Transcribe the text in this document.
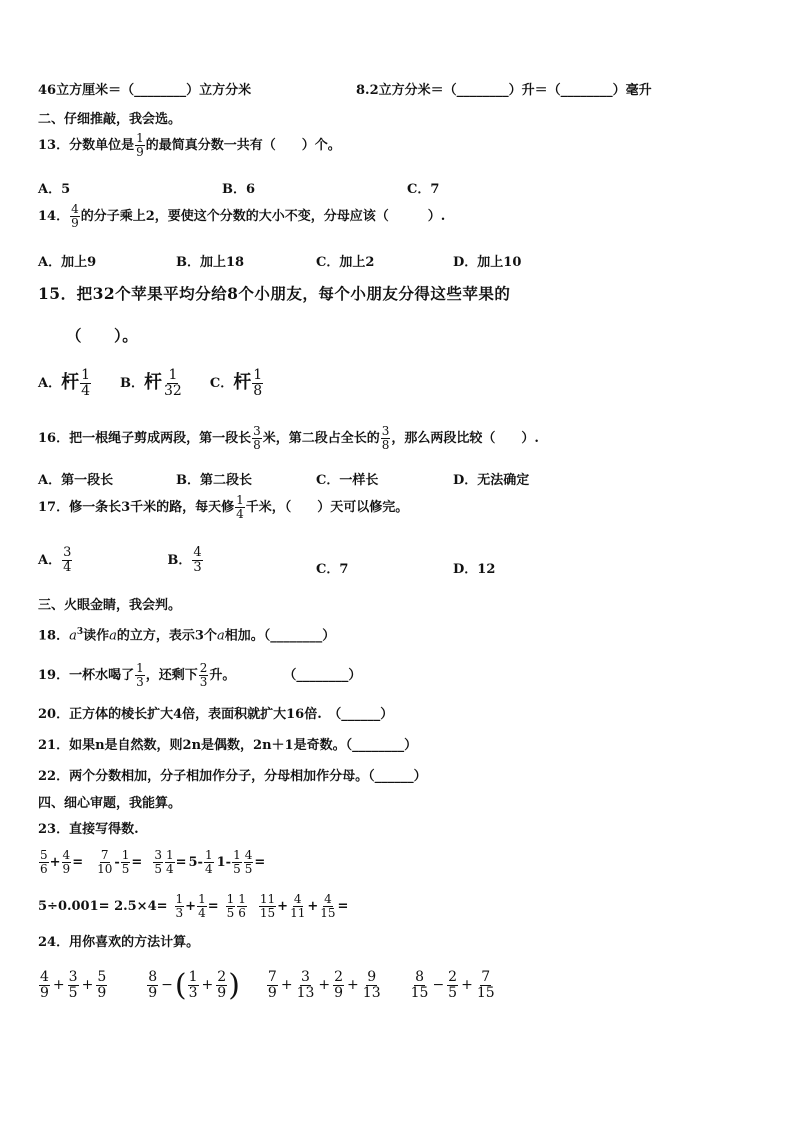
46立方厘米＝（________）立方分米	8.2立方分米＝（________）升＝（________）毫升
二、仔细推敲，我会选。
13． 分数单位是 $\frac{1}{9}$ 的最简真分数一共有（　　）个。
A．5	B．6	C．7
14． $\frac{4}{9}$ 的分子乘上2，要使这个分数的大小不变，分母应该（　　　）.
A．加上9	B．加上18	C．加上2	D．加上10
15．把32个苹果平均分给8个小朋友，每个小朋友分得这些苹果的
（　　）。
A． 杆 $\frac{1}{4}$ B． 杆 $\frac{1}{32}$ C． 杆 $\frac{1}{8}$
16． 把一根绳子剪成两段，第一段长 $\frac{3}{8}$ 米，第二段占全长的 $\frac{3}{8}$ ，那么两段比较（　　）.
A．第一段长	B．第二段长	C．一样长	D．无法确定
17． 修一条长3千米的路，每天修 $\frac{1}{4}$ 千米，（　　）天可以修完。
A． $\frac{3}{4}$	B． $\frac{4}{3}$	C．7	D．12
三、火眼金睛，我会判。
18．$a^3$读作a的立方，表示3个a相加。（________）
19． 一杯水喝了 $\frac{1}{3}$ ，还剩下 $\frac{2}{3}$ 升。	（________）
20．正方体的棱长扩大4倍，表面积就扩大16倍.　（______）
21．如果n是自然数，则2n是偶数，2n＋1是奇数。（________）
22．两个分数相加，分子相加作分子，分母相加作分母。（______）
四、细心审题，我能算。
23．直接写得数.
$\frac{5}{6} + \frac{4}{9} = \frac{7}{10} - \frac{1}{5} = \frac{3}{5} \frac{1}{4} = 5- \frac{1}{4} 1- \frac{1}{5} \frac{4}{5}$ =
$5\div 0.001= 2.5\times 4= \frac{1}{3} + \frac{1}{4} = \frac{1}{5} \frac{1}{6} \frac{11}{15} + \frac{4}{11} + \frac{4}{15}$ =
24．用你喜欢的方法计算。
$\frac{4}{9} + \frac{3}{5} + \frac{5}{9}$	$\frac{8}{9}$ − ( $\frac{1}{3} + \frac{2}{9}$ ) $\frac{7}{9} + \frac{3}{13} + \frac{2}{9} + \frac{9}{13} \frac{8}{15} - \frac{2}{5} + \frac{7}{15}$
